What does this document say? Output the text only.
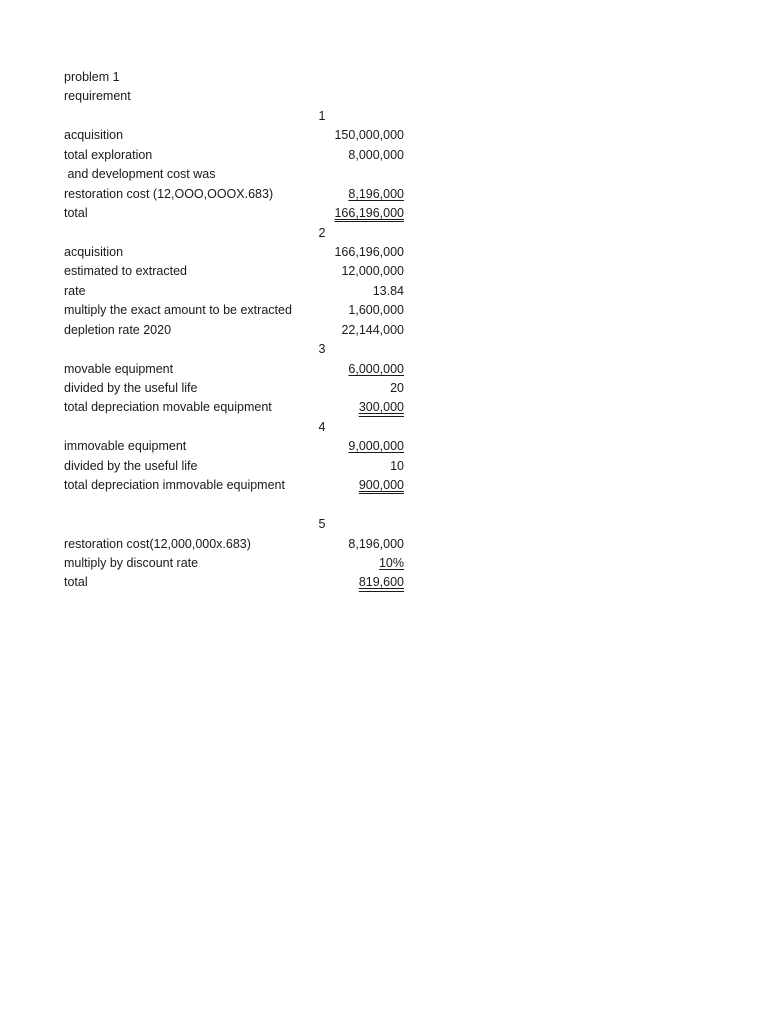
problem 1
requirement
1
acquisition	150,000,000
total exploration	8,000,000
and development cost was
restoration cost (12,OOO,OOOX.683)	8,196,000
total	166,196,000
2
acquisition	166,196,000
estimated to extracted	12,000,000
rate	13.84
multiply the exact amount to be extracted	1,600,000
depletion rate 2020	22,144,000
3
movable equipment	6,000,000
divided by the useful life	20
total depreciation movable equipment	300,000
4
immovable equipment	9,000,000
divided by the useful life	10
total depreciation immovable equipment	900,000
5
restoration cost(12,000,000x.683)	8,196,000
multiply by discount rate	10%
total	819,600
